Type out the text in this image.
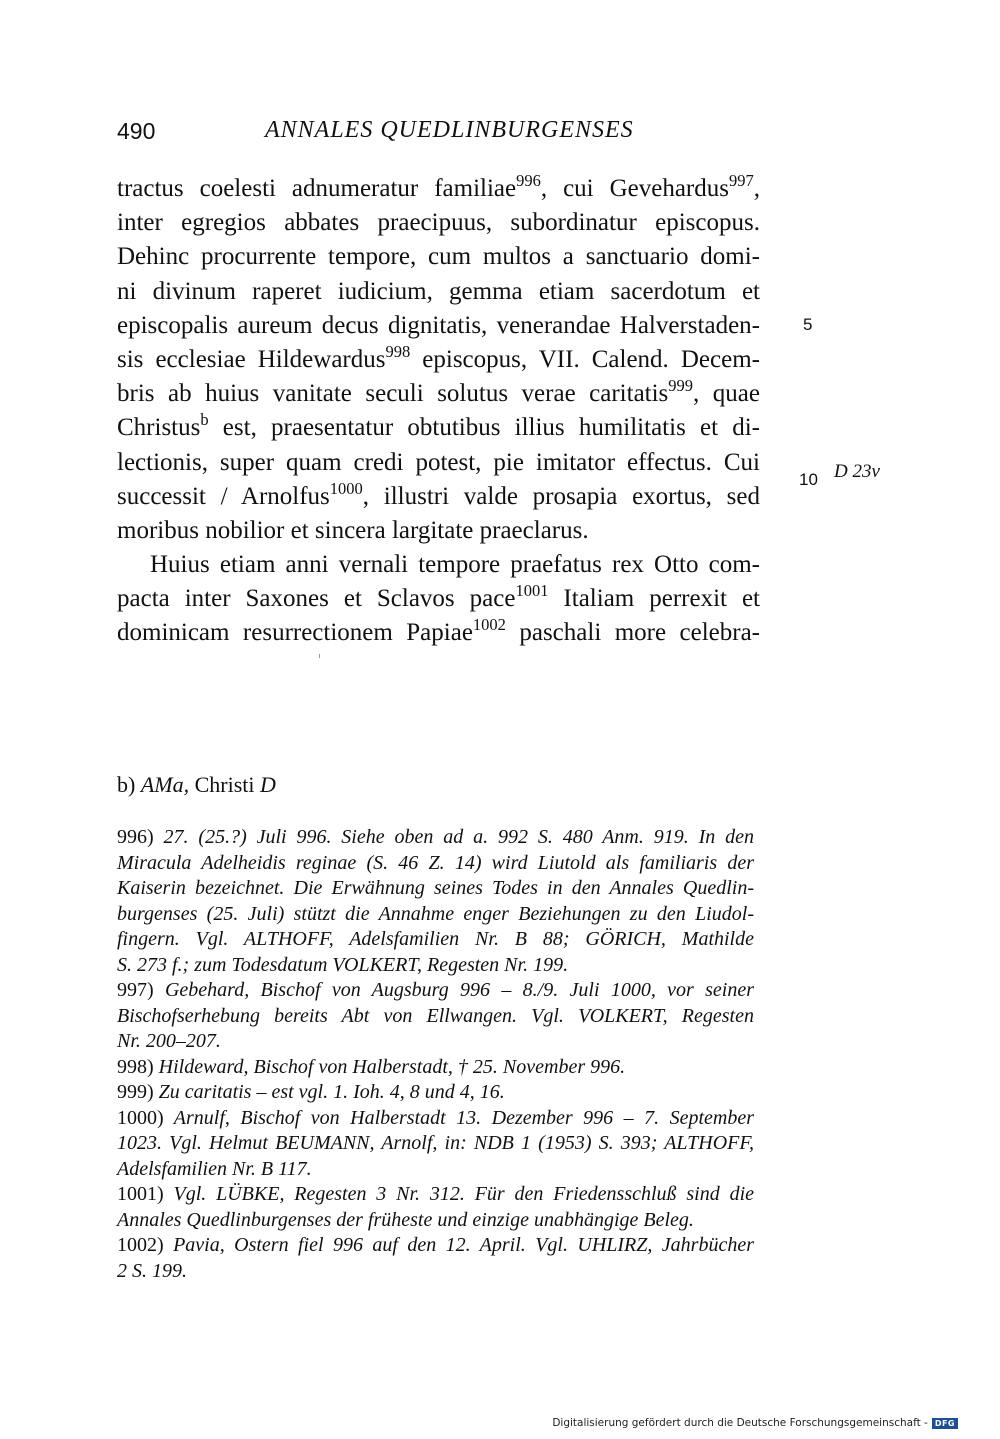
490	ANNALES QUEDLINBURGENSES
tractus coelesti adnumeratur familiae$^{996}$, cui Gevehardus$^{997}$,
inter egregios abbates praecipuus, subordinatur episcopus.
Dehinc procurrente tempore, cum multos a sanctuario domi-
ni divinum raperet iudicium, gemma etiam sacerdotum et
episcopalis aureum decus dignitatis, venerandae Halverstaden-
sis ecclesiae Hildewardus$^{998}$ episcopus, VII. Calend. Decem-
bris ab huius vanitate seculi solutus verae caritatis$^{999}$, quae
Christus$^b$ est, praesentatur obtutibus illius humilitatis et di-
lectionis, super quam credi potest, pie imitator effectus. Cui
successit / Arnolfus$^{1000}$, illustri valde prosapia exortus, sed
moribus nobilior et sincera largitate praeclarus.
Huius etiam anni vernali tempore praefatus rex Otto com-
pacta inter Saxones et Sclavos pace$^{1001}$ Italiam perrexit et
dominicam resurrectionem Papiae$^{1002}$ paschali more celebra-
5
10 D 23v
b) AMa, Christi D
996) 27. (25.?) Juli 996. Siehe oben ad a. 992 S. 480 Anm. 919. In den
Miracula Adelheidis reginae (S. 46 Z. 14) wird Liutold als familiaris der
Kaiserin bezeichnet. Die Erwähnung seines Todes in den Annales Quedlin-
burgenses (25. Juli) stützt die Annahme enger Beziehungen zu den Liudol-
fingern. Vgl. ALTHOFF, Adelsfamilien Nr. B 88; GÖRICH, Mathilde
S. 273 f.; zum Todesdatum VOLKERT, Regesten Nr. 199.
997) Gebehard, Bischof von Augsburg 996 – 8./9. Juli 1000, vor seiner
Bischofserhebung bereits Abt von Ellwangen. Vgl. VOLKERT, Regesten
Nr. 200–207.
998) Hildeward, Bischof von Halberstadt, † 25. November 996.
999) Zu caritatis – est vgl. 1. Ioh. 4, 8 und 4, 16.
1000) Arnulf, Bischof von Halberstadt 13. Dezember 996 – 7. September
1023. Vgl. Helmut BEUMANN, Arnolf, in: NDB 1 (1953) S. 393; ALTHOFF,
Adelsfamilien Nr. B 117.
1001) Vgl. LÜBKE, Regesten 3 Nr. 312. Für den Friedensschluß sind die
Annales Quedlinburgenses der früheste und einzige unabhängige Beleg.
1002) Pavia, Ostern fiel 996 auf den 12. April. Vgl. UHLIRZ, Jahrbücher
2 S. 199.
Digitalisierung gefördert durch die Deutsche Forschungsgemeinschaft - DFG
